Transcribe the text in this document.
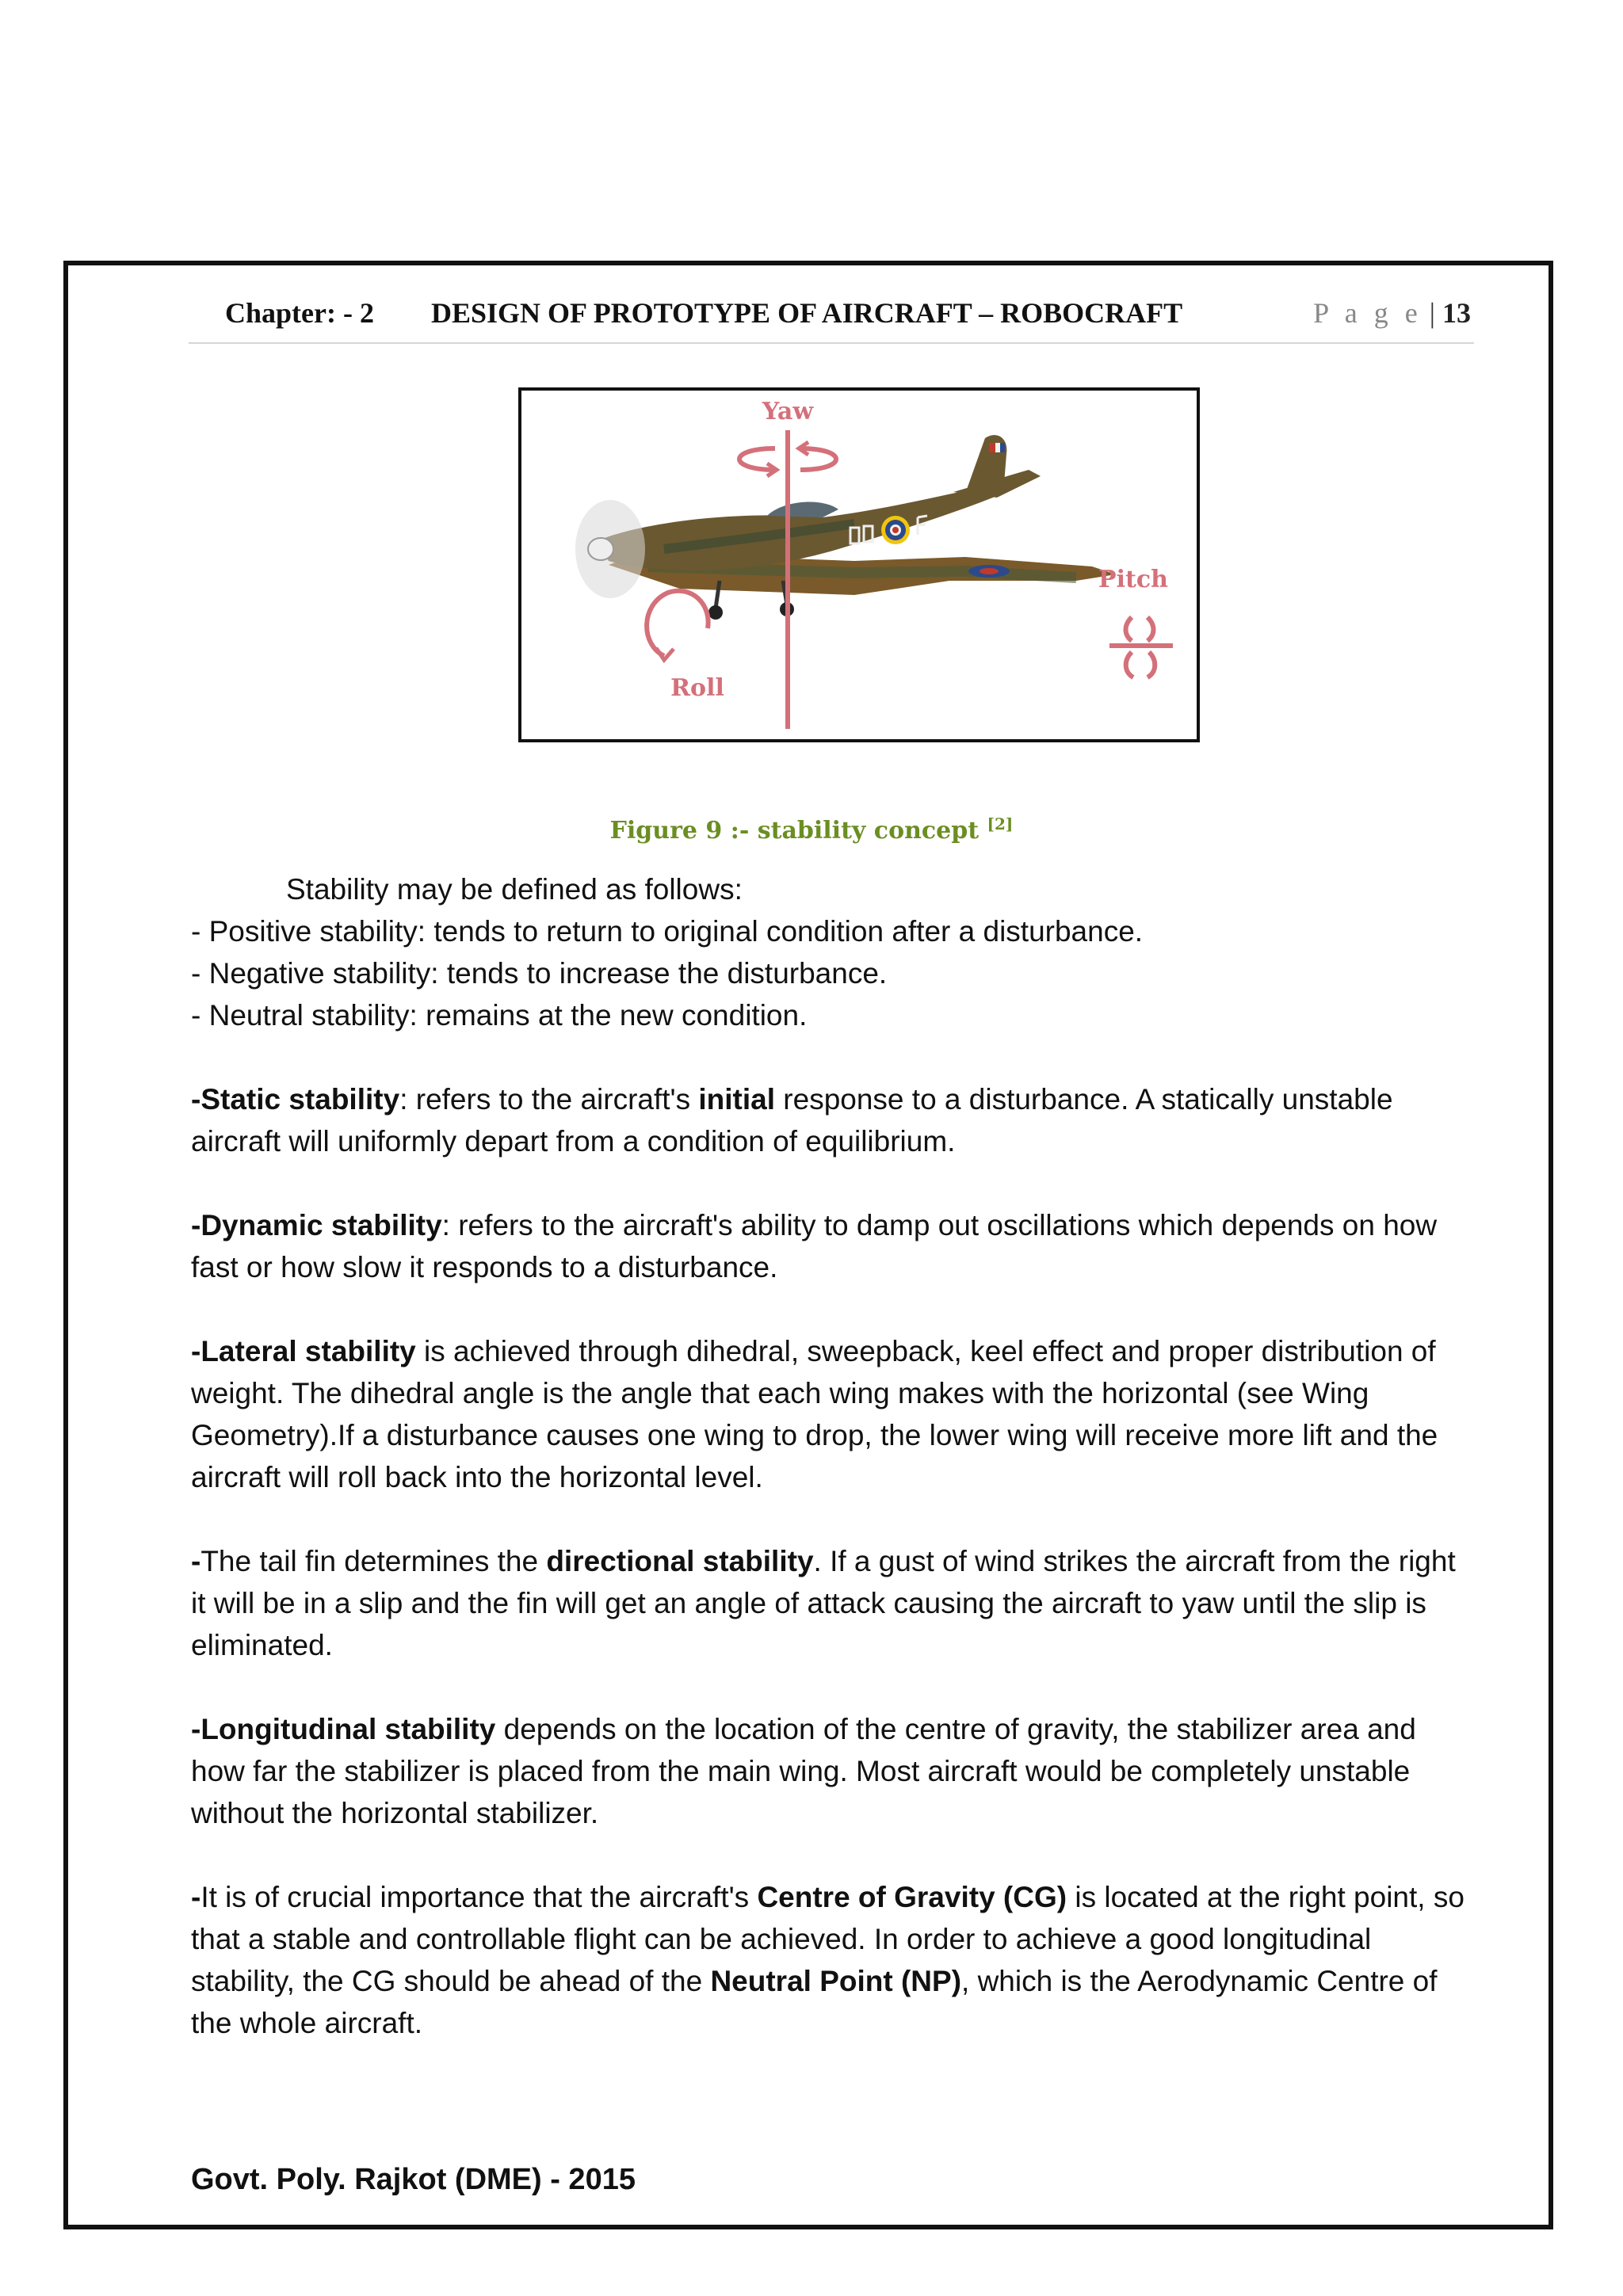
Chapter: - 2 DESIGN OF PROTOTYPE OF AIRCRAFT – ROBOCRAFT	P a g e | 13
Yaw
Pitch
Roll
Figure 9 :- stability concept [2]

Stability may be defined as follows:
- Positive stability: tends to return to original condition after a disturbance.
- Negative stability: tends to increase the disturbance.
- Neutral stability: remains at the new condition.

-Static stability: refers to the aircraft's initial response to a disturbance. A statically unstable aircraft will uniformly depart from a condition of equilibrium.

-Dynamic stability: refers to the aircraft's ability to damp out oscillations which depends on how fast or how slow it responds to a disturbance.

-Lateral stability is achieved through dihedral, sweepback, keel effect and proper distribution of weight. The dihedral angle is the angle that each wing makes with the horizontal (see Wing Geometry).If a disturbance causes one wing to drop, the lower wing will receive more lift and the aircraft will roll back into the horizontal level.

-The tail fin determines the directional stability. If a gust of wind strikes the aircraft from the right it will be in a slip and the fin will get an angle of attack causing the aircraft to yaw until the slip is eliminated.

-Longitudinal stability depends on the location of the centre of gravity, the stabilizer area and how far the stabilizer is placed from the main wing. Most aircraft would be completely unstable without the horizontal stabilizer.

-It is of crucial importance that the aircraft's Centre of Gravity (CG) is located at the right point, so that a stable and controllable flight can be achieved. In order to achieve a good longitudinal stability, the CG should be ahead of the Neutral Point (NP), which is the Aerodynamic Centre of the whole aircraft.

Govt. Poly. Rajkot (DME) - 2015
